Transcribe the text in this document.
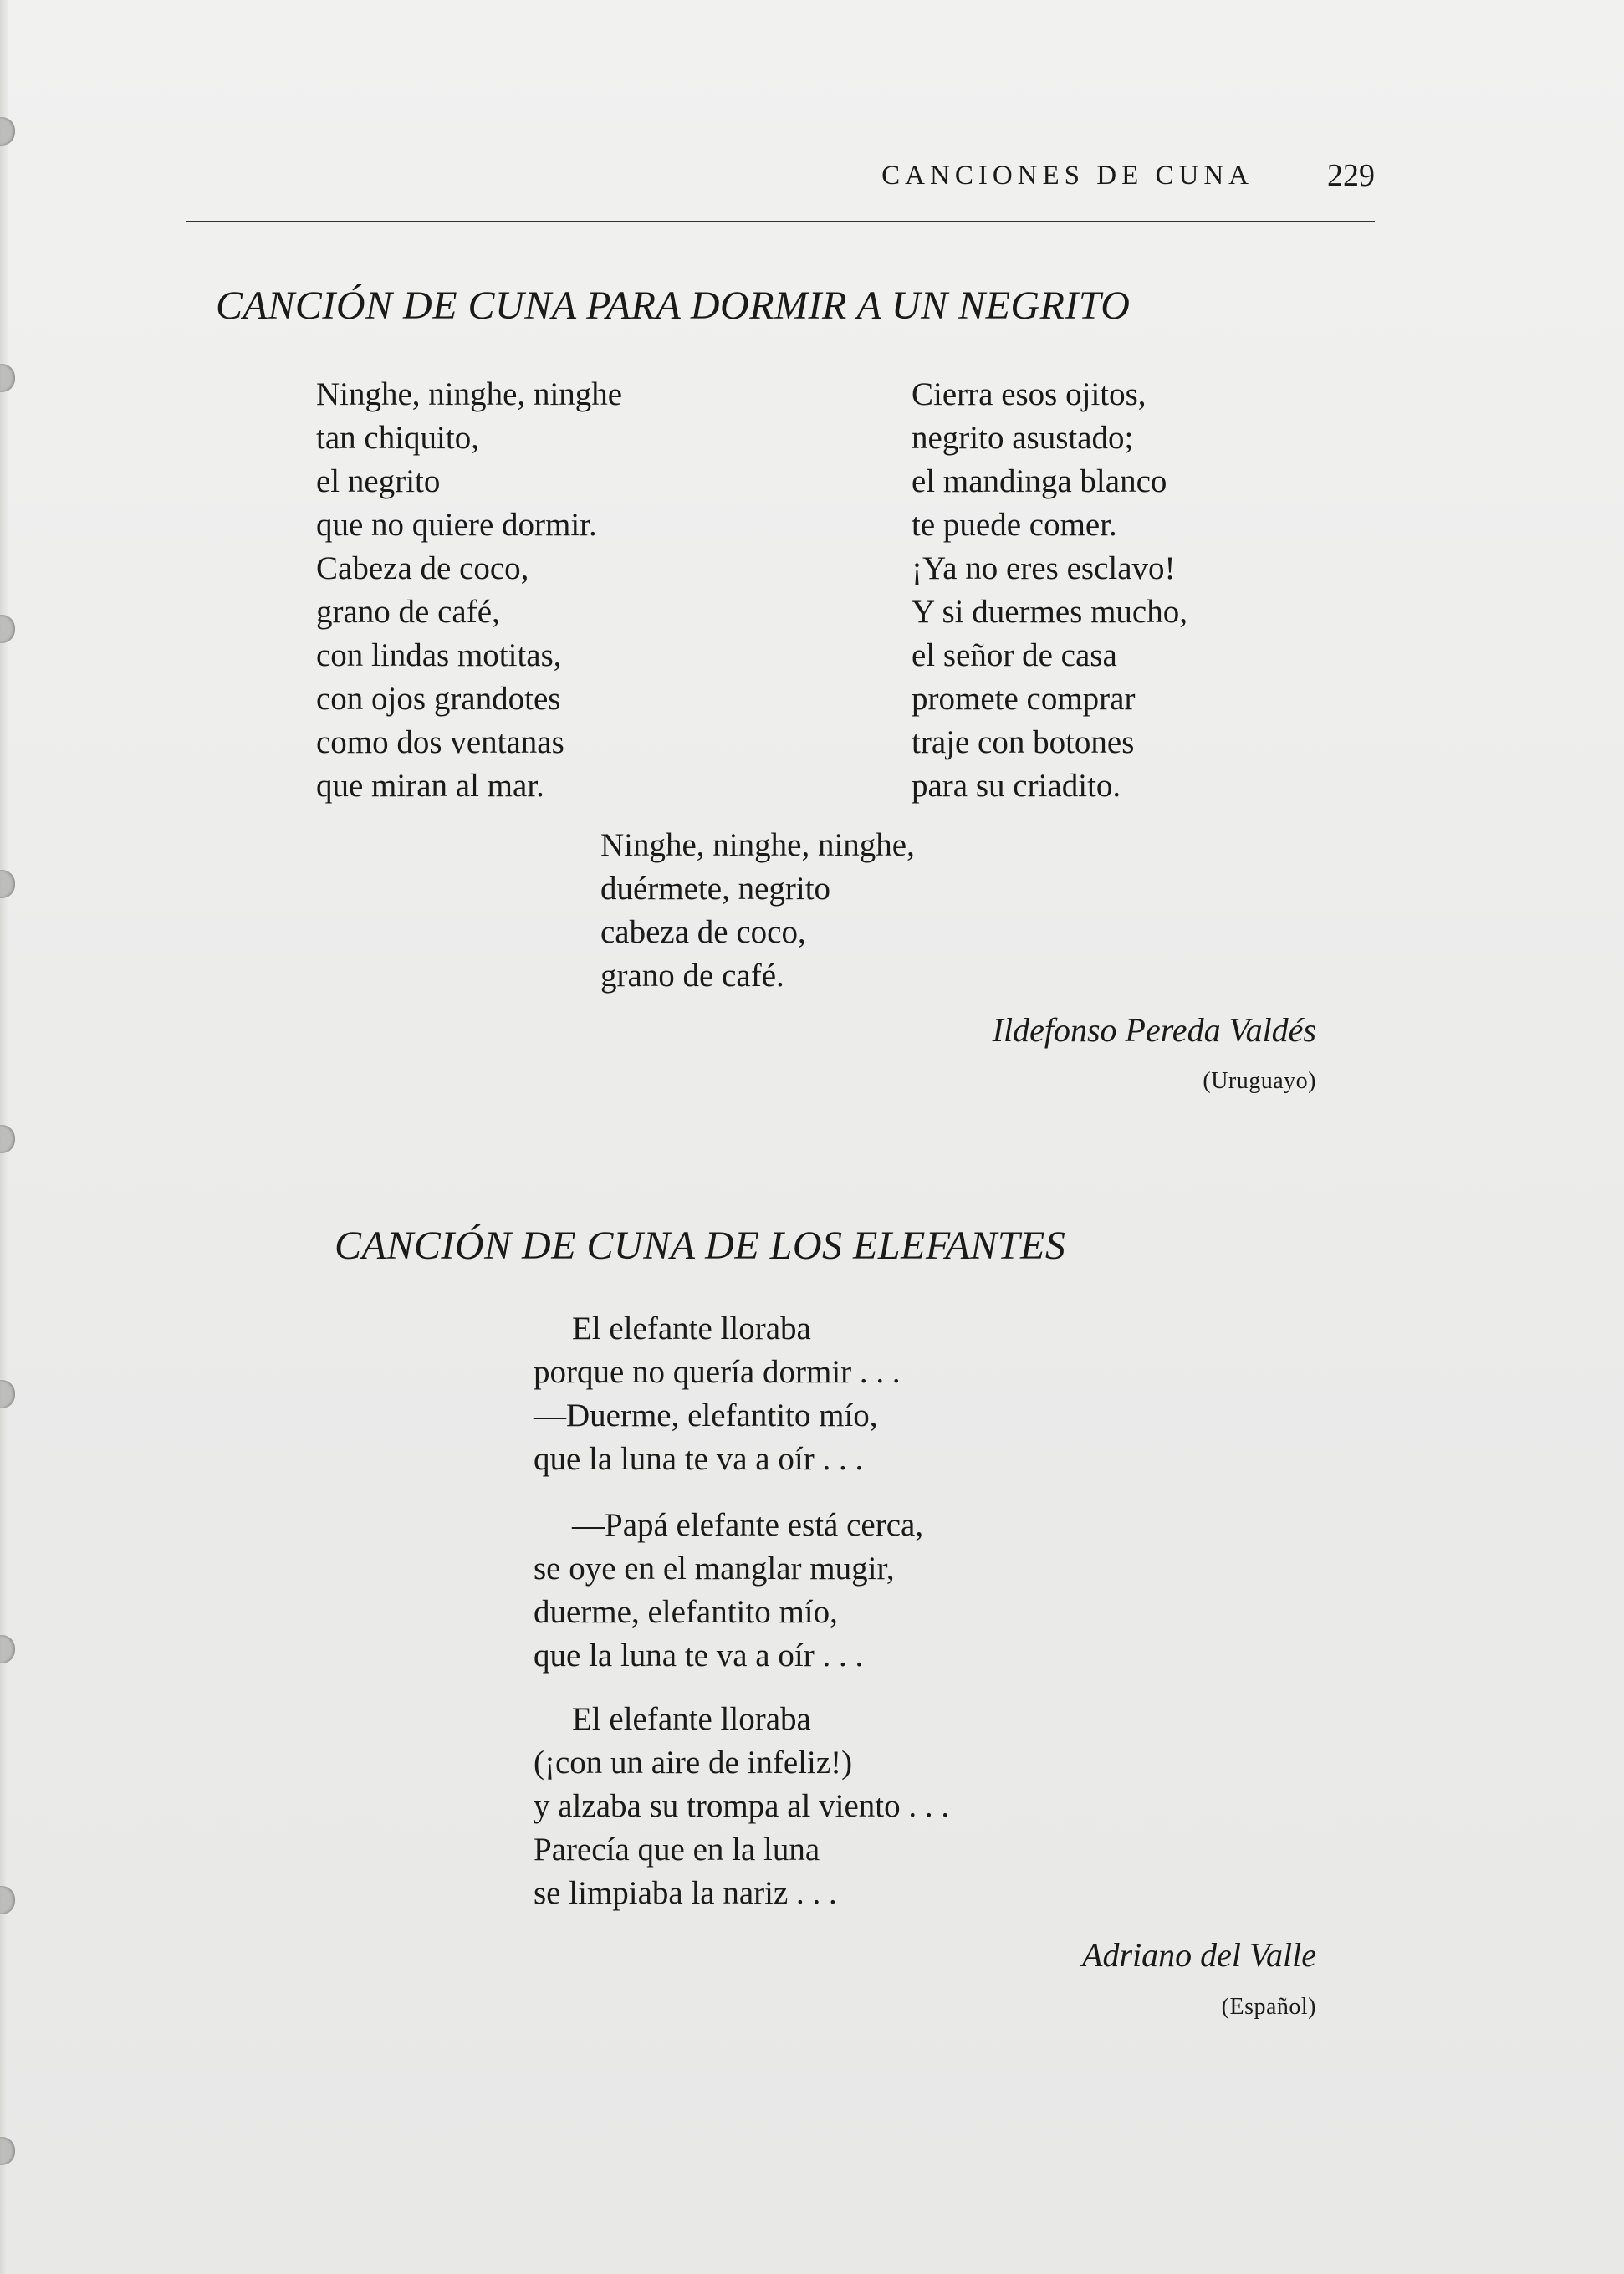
CANCIONES DE CUNA 229
CANCIÓN DE CUNA PARA DORMIR A UN NEGRITO
Ninghe, ninghe, ninghe
tan chiquito,
el negrito
que no quiere dormir.
Cabeza de coco,
grano de café,
con lindas motitas,
con ojos grandotes
como dos ventanas
que miran al mar.
Cierra esos ojitos,
negrito asustado;
el mandinga blanco
te puede comer.
¡Ya no eres esclavo!
Y si duermes mucho,
el señor de casa
promete comprar
traje con botones
para su criadito.
Ninghe, ninghe, ninghe,
duérmete, negrito
cabeza de coco,
grano de café.
Ildefonso Pereda Valdés
(Uruguayo)
CANCIÓN DE CUNA DE LOS ELEFANTES
El elefante lloraba
porque no quería dormir . . .
—Duerme, elefantito mío,
que la luna te va a oír . . .
—Papá elefante está cerca,
se oye en el manglar mugir,
duerme, elefantito mío,
que la luna te va a oír . . .
El elefante lloraba
(¡con un aire de infeliz!)
y alzaba su trompa al viento . . .
Parecía que en la luna
se limpiaba la nariz . . .
Adriano del Valle
(Español)
